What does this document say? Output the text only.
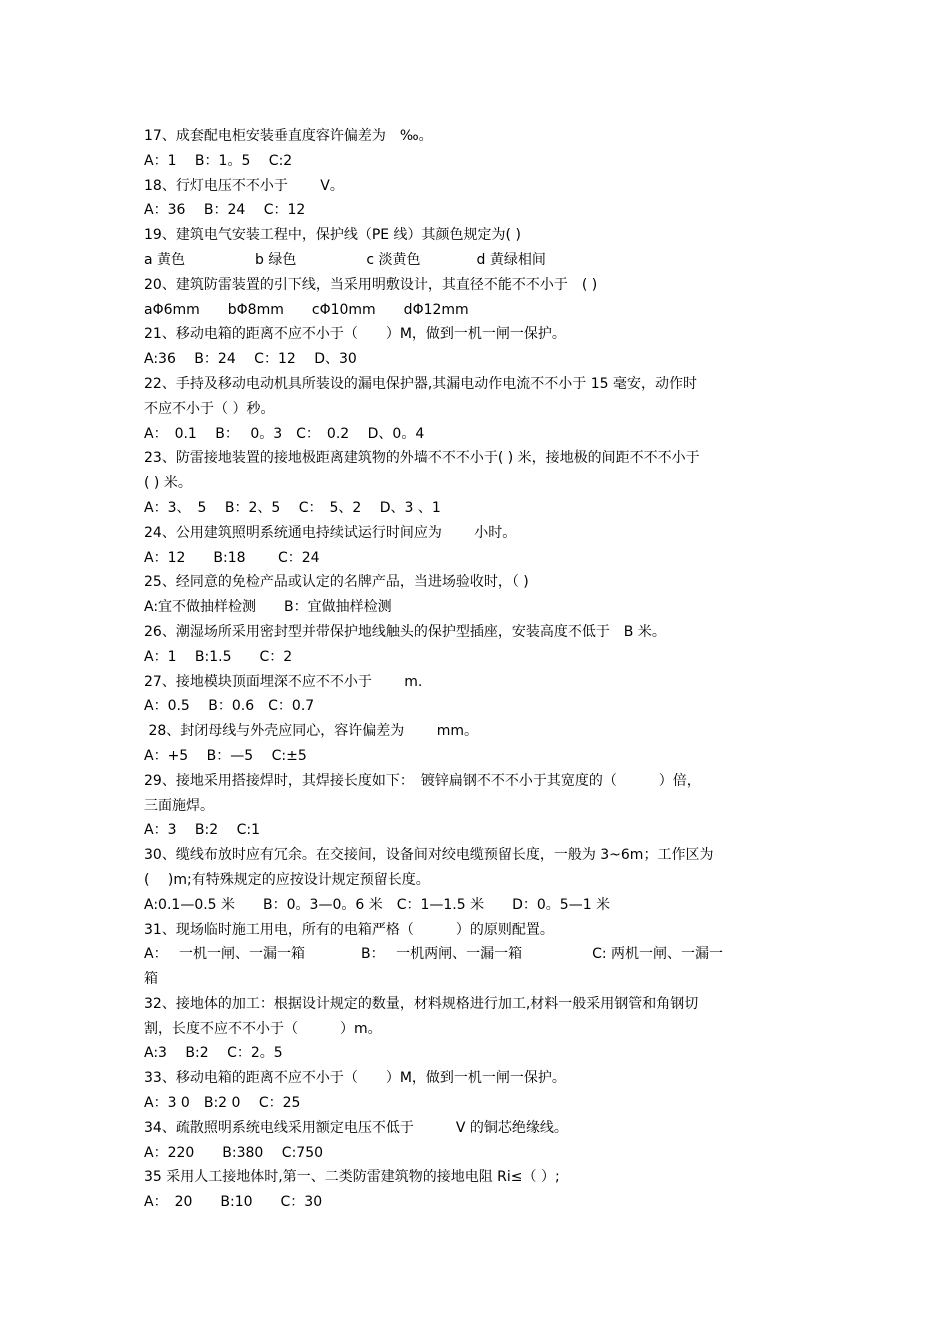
17、成套配电柜安装垂直度容许偏差为　‰。
A：1　 B：1。5　 C:2
18、行灯电压不不小于　　 V。
A：36　 B：24　 C：12
19、建筑电气安装工程中，保护线（PE 线）其颜色规定为( )
a 黄色　　　　　b 绿色　　　　　c 淡黄色　　　　d 黄绿相间
20、建筑防雷装置的引下线，当采用明敷设计，其直径不能不不小于　( )
aΦ6mm　　bΦ8mm　　cΦ10mm　　dΦ12mm
21、移动电箱的距离不应不小于（　　）M，做到一机一闸一保护。
A:36　 B：24　 C：12　 D、30
22、手持及移动电动机具所装设的漏电保护器,其漏电动作电流不不小于 15 毫安，动作时
不应不小于（ ）秒。
A：　0.1　 B：　 0。3　C：　0.2　 D、0。4
23、防雷接地装置的接地极距离建筑物的外墙不不不小于( ) 米，接地极的间距不不不小于
( ) 米。
A：3、　5　 B：2、5　 C：　5、2　 D、3 、1
24、公用建筑照明系统通电持续试运行时间应为　　 小时。
A：12　　B:18　　 C：24
25、经同意的免检产品或认定的名牌产品，当进场验收时，（ )
A:宜不做抽样检测　　B：宜做抽样检测
26、潮湿场所采用密封型并带保护地线触头的保护型插座，安装高度不低于　B 米。
A：1　 B:1.5　　C：2
27、接地模块顶面埋深不应不不小于　　 m.
A：0.5　 B：0.6　C：0.7
28、封闭母线与外壳应同心，容许偏差为　　 mm。
A：+5　 B：—5　 C:±5
29、接地采用搭接焊时，其焊接长度如下：　镀锌扁钢不不不小于其宽度的（　　　）倍，
三面施焊。
A：3　 B:2　 C:1
30、缆线布放时应有冗余。在交接间，设备间对绞电缆预留长度，一般为 3~6m；工作区为
(　 )m;有特殊规定的应按设计规定预留长度。
A:0.1—0.5 米　　B：0。3—0。6 米　C：1—1.5 米　　D：0。5—1 米
31、现场临时施工用电，所有的电箱严格（　　　）的原则配置。
A：　 一机一闸、一漏一箱　　　　B：　 一机两闸、一漏一箱　　　　　C: 两机一闸、一漏一
箱
32、接地体的加工：根据设计规定的数量，材料规格进行加工,材料一般采用钢管和角钢切
割，长度不应不不小于（　　　）m。
A:3　 B:2　 C：2。5
33、移动电箱的距离不应不小于（　　）M，做到一机一闸一保护。
A：3 0　B:2 0　 C：25
34、疏散照明系统电线采用额定电压不低于　　　V 的铜芯绝缘线。
A：220　　B:380　 C:750
35 采用人工接地体时,第一、二类防雷建筑物的接地电阻 Ri≤（ ）;
A：　20　　B:10　　C：30
